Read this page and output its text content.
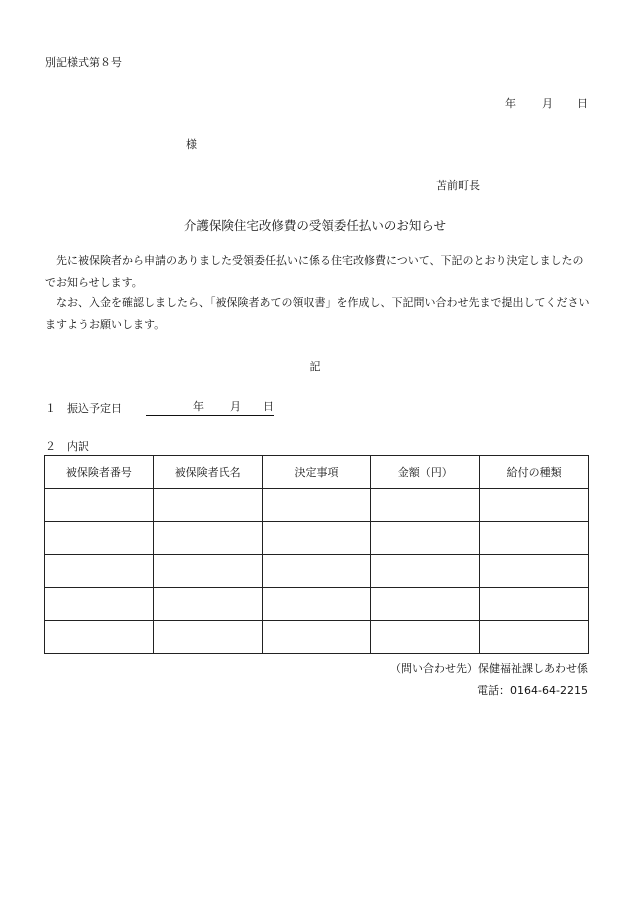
別記様式第８号
年 月 日
様
苫前町長
介護保険住宅改修費の受領委任払いのお知らせ
　先に被保険者から申請のありました受領委任払いに係る住宅改修費について、下記のとおり決定しましたのでお知らせします。
　なお、入金を確認しましたら、「被保険者あての領収書」を作成し、下記問い合わせ先まで提出してくださいますようお願いします。
記
１　振込予定日	年 月 日
２　内訳
被保険者番号	被保険者氏名	決定事項	金額（円）	給付の種類

（問い合わせ先）保健福祉課しあわせ係
電話：0164-64-2215
